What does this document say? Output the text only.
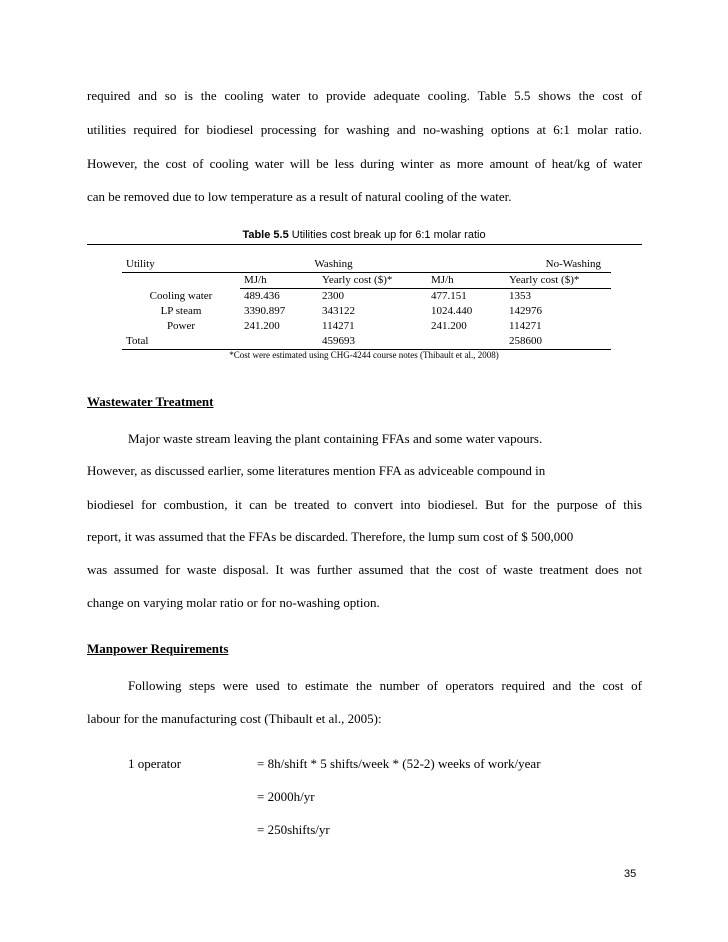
required and so is the cooling water to provide adequate cooling. Table 5.5 shows the cost of
utilities required for biodiesel processing for washing and no-washing options at 6:1 molar ratio.
However, the cost of cooling water will be less during winter as more amount of heat/kg of water
can be removed due to low temperature as a result of natural cooling of the water.
Table 5.5 Utilities cost break up for 6:1 molar ratio
Utility	Washing		No-Washing	
	MJ/h	Yearly cost ($)*	MJ/h	Yearly cost ($)*
Cooling water	489.436	2300	477.151	1353
LP steam	3390.897	343122	1024.440	142976
Power	241.200	114271	241.200	114271
Total		459693		258600
*Cost were estimated using CHG-4244 course notes (Thibault et al., 2008)
Wastewater Treatment
Major waste stream leaving the plant containing FFAs and some water vapours.
However, as discussed earlier, some literatures mention FFA as adviceable compound in
biodiesel for combustion, it can be treated to convert into biodiesel. But for the purpose of this
report, it was assumed that the FFAs be discarded. Therefore, the lump sum cost of $ 500,000
was assumed for waste disposal. It was further assumed that the cost of waste treatment does not
change on varying molar ratio or for no-washing option.
Manpower Requirements
Following steps were used to estimate the number of operators required and the cost of
labour for the manufacturing cost (Thibault et al., 2005):
1 operator	= 8h/shift * 5 shifts/week * (52-2) weeks of work/year
= 2000h/yr
= 250shifts/yr
35
